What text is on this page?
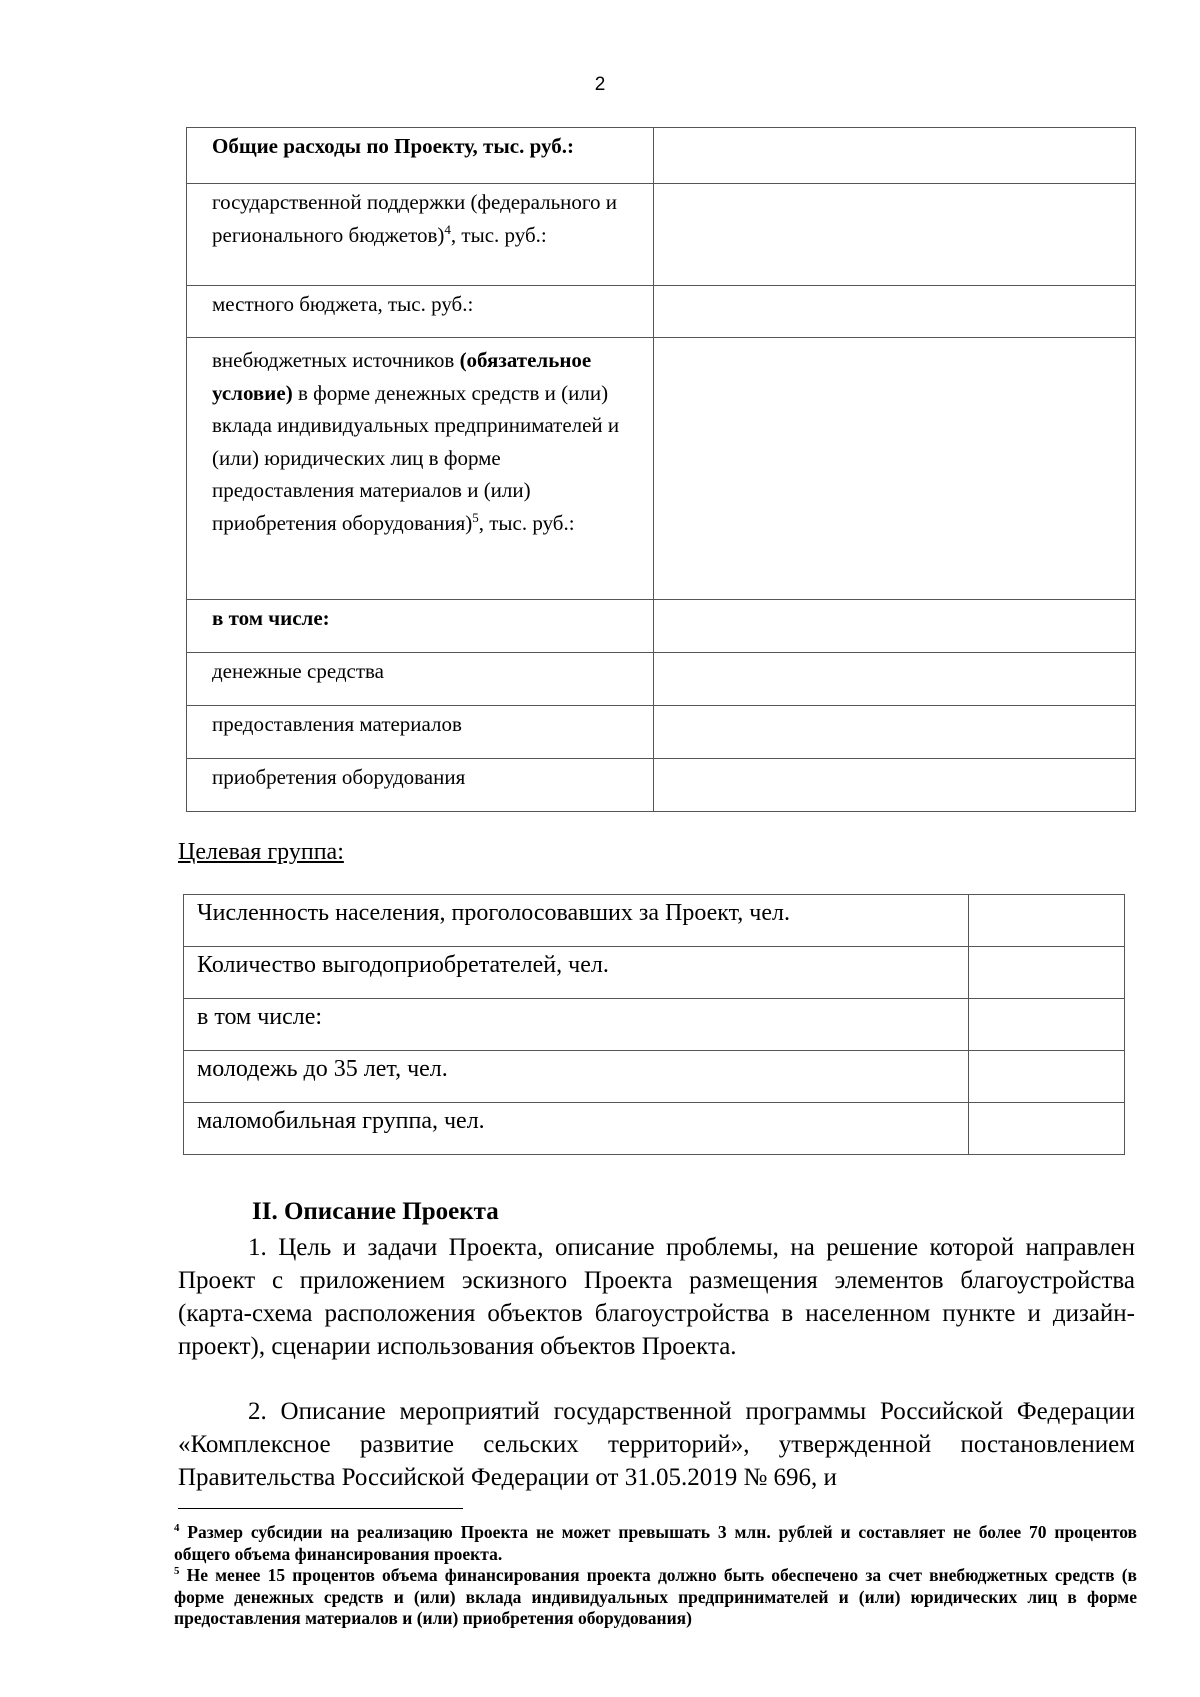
2
Общие расходы по Проекту, тыс. руб.:	
государственной поддержки (федерального и регионального бюджетов)$^4$, тыс. руб.:	
местного бюджета, тыс. руб.:	
внебюджетных источников (обязательное условие) в форме денежных средств и (или) вклада индивидуальных предпринимателей и (или) юридических лиц в форме предоставления материалов и (или) приобретения оборудования)$^5$, тыс. руб.:	
в том числе:	
денежные средства	
предоставления материалов	
приобретения оборудования	
Целевая группа:
Численность населения, проголосовавших за Проект, чел.	
Количество выгодоприобретателей, чел.	
в том числе:	
молодежь до 35 лет, чел.	
маломобильная группа, чел.	
II. Описание Проекта
1. Цель и задачи Проекта, описание проблемы, на решение которой направлен Проект с приложением эскизного Проекта размещения элементов благоустройства (карта-схема расположения объектов благоустройства в населенном пункте и дизайн-проект), сценарии использования объектов Проекта.
2. Описание мероприятий государственной программы Российской Федерации «Комплексное развитие сельских территорий», утвержденной постановлением Правительства Российской Федерации от 31.05.2019 № 696, и

$^4$ Размер субсидии на реализацию Проекта не может превышать 3 млн. рублей и составляет не более 70 процентов общего объема финансирования проекта.

$^5$ Не менее 15 процентов объема финансирования проекта должно быть обеспечено за счет внебюджетных средств (в форме денежных средств и (или) вклада индивидуальных предпринимателей и (или) юридических лиц в форме предоставления материалов и (или) приобретения оборудования)
